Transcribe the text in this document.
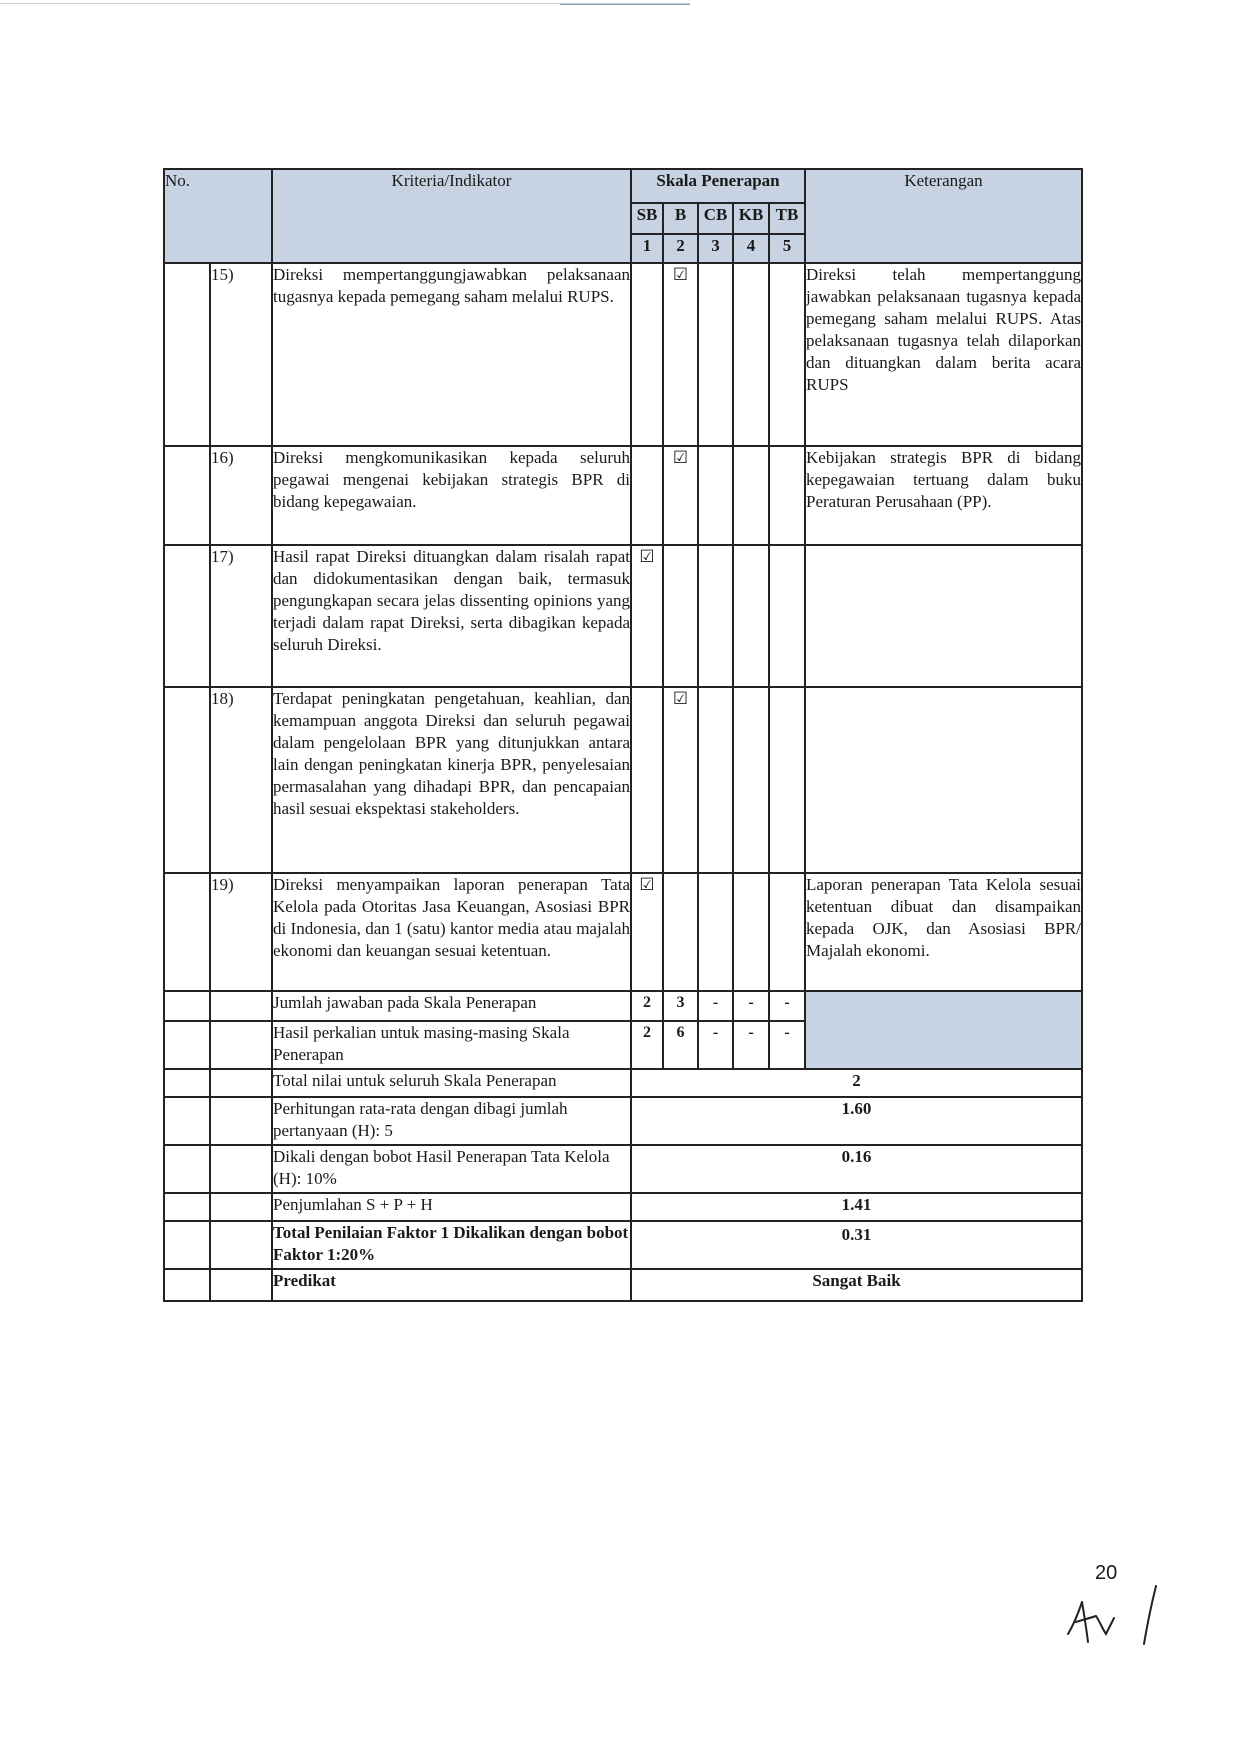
No.		Kriteria/Indikator	Skala Penerapan					Keterangan
			SB	B	CB	KB	TB	
			1	2	3	4	5	
	15)	Direksi mempertanggungjawabkan pelaksanaan tugasnya kepada pemegang saham melalui RUPS.		☑				Direksi telah mempertanggung jawabkan pelaksanaan tugasnya kepada pemegang saham melalui RUPS. Atas pelaksanaan tugasnya telah dilaporkan dan dituangkan dalam berita acara RUPS
	16)	Direksi mengkomunikasikan kepada seluruh pegawai mengenai kebijakan strategis BPR di bidang kepegawaian.		☑				Kebijakan strategis BPR di bidang kepegawaian tertuang dalam buku Peraturan Perusahaan (PP).
	17)	Hasil rapat Direksi dituangkan dalam risalah rapat dan didokumentasikan dengan baik, termasuk pengungkapan secara jelas dissenting opinions yang terjadi dalam rapat Direksi, serta dibagikan kepada seluruh Direksi.	☑					
	18)	Terdapat peningkatan pengetahuan, keahlian, dan kemampuan anggota Direksi dan seluruh pegawai dalam pengelolaan BPR yang ditunjukkan antara lain dengan peningkatan kinerja BPR, penyelesaian permasalahan yang dihadapi BPR, dan pencapaian hasil sesuai ekspektasi stakeholders.		☑				
	19)	Direksi menyampaikan laporan penerapan Tata Kelola pada Otoritas Jasa Keuangan, Asosiasi BPR di Indonesia, dan 1 (satu) kantor media atau majalah ekonomi dan keuangan sesuai ketentuan.	☑					Laporan penerapan Tata Kelola sesuai ketentuan dibuat dan disampaikan kepada OJK, dan Asosiasi BPR/ Majalah ekonomi.
		Jumlah jawaban pada Skala Penerapan	2	3	-	-	-	
		Hasil perkalian untuk masing-masing Skala Penerapan	2	6	-	-	-	
		Total nilai untuk seluruh Skala Penerapan	2					
		Perhitungan rata-rata dengan dibagi jumlah pertanyaan (H): 5	1.60					
		Dikali dengan bobot Hasil Penerapan Tata Kelola (H): 10%	0.16					
		Penjumlahan S + P + H	1.41					
		Total Penilaian Faktor 1 Dikalikan dengan bobot Faktor 1:20%	0.31					
		Predikat	Sangat Baik					
20
